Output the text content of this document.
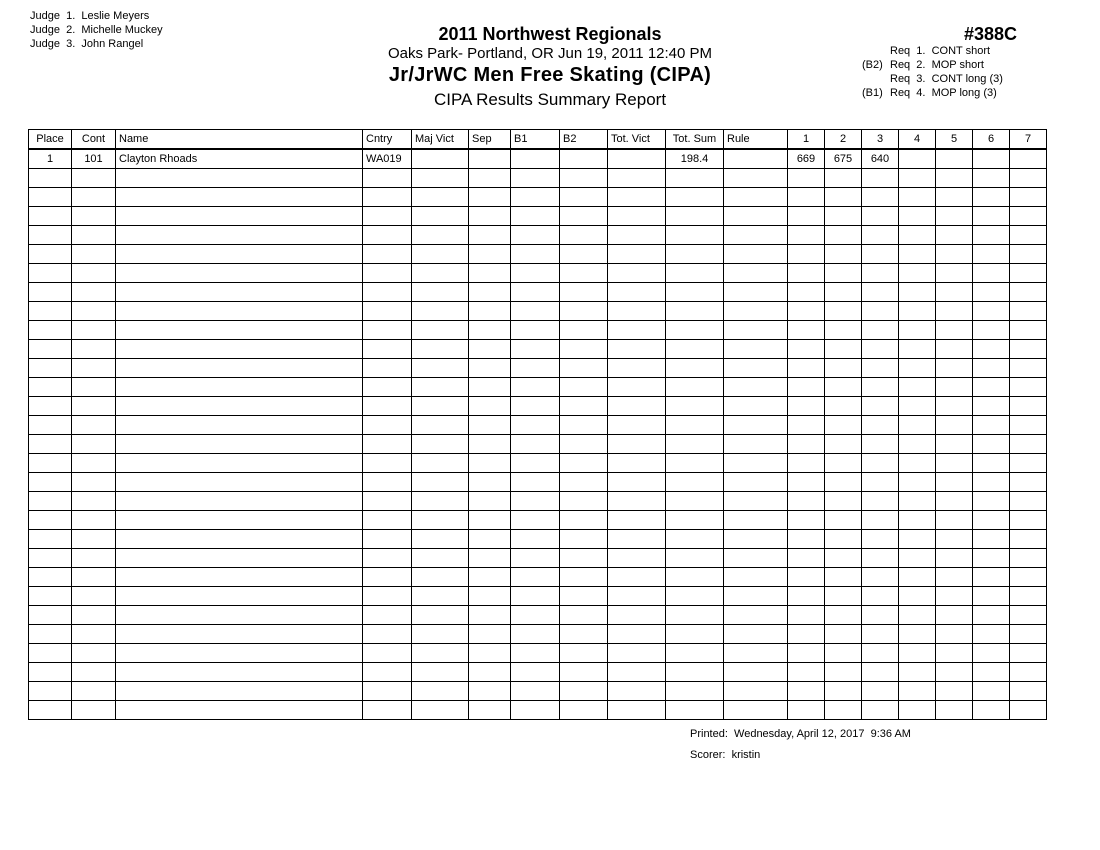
Judge  1.  Leslie Meyers
Judge  2.  Michelle Muckey
Judge  3.  John Rangel	2011 Northwest Regionals
Oaks Park- Portland, OR Jun 19, 2011 12:40 PM
Jr/JrWC Men Free Skating (CIPA)
CIPA Results Summary Report
#388C
Req  1.  CONT short
(B2) Req  2.  MOP short
Req  3.  CONT long (3)
(B1) Req  4.  MOP long (3)
Place	Cont	Name	Cntry	Maj Vict	Sep	B1	B2	Tot. Vict	Tot. Sum	Rule	1	2	3	4	5	6	7
1	101	Clayton Rhoads	WA019						198.4		669	675	640				

Printed:  Wednesday, April 12, 2017  9:36 AM
Scorer:  kristin
